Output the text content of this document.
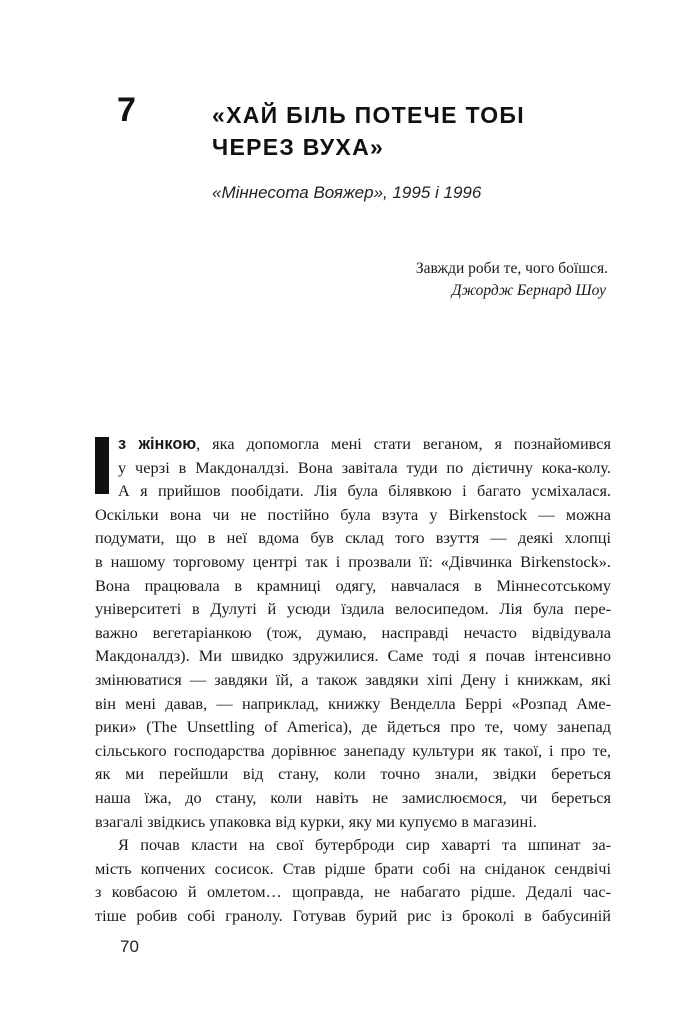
7	«ХАЙ БІЛЬ ПОТЕЧЕ ТОБІ
ЧЕРЕЗ ВУХА»
«Міннесота Вояжер», 1995 і 1996
Завжди роби те, чого боїшся.
Джордж Бернард Шоу
з жінкою, яка допомогла мені стати веганом, я познайомився
у черзі в Макдоналдзі. Вона завітала туди по дієтичну кока-колу.
А я прийшов пообідати. Лія була білявкою і багато усміхалася.
Оскільки вона чи не постійно була взута у Birkenstock — можна
подумати, що в неї вдома був склад того взуття — деякі хлопці
в нашому торговому центрі так і прозвали її: «Дівчинка Birkenstock».
Вона працювала в крамниці одягу, навчалася в Міннесотському
університеті в Дулуті й усюди їздила велосипедом. Лія була пере-
важно вегетаріанкою (тож, думаю, насправді нечасто відвідувала
Макдоналдз). Ми швидко здружилися. Саме тоді я почав інтенсивно
змінюватися — завдяки їй, а також завдяки хіпі Дену і книжкам, які
він мені давав, — наприклад, книжку Венделла Беррі «Розпад Аме-
рики» (The Unsettling of America), де йдеться про те, чому занепад
сільського господарства дорівнює занепаду культури як такої, і про те,
як ми перейшли від стану, коли точно знали, звідки береться
наша їжа, до стану, коли навіть не замислюємося, чи береться
взагалі звідкись упаковка від курки, яку ми купуємо в магазині.
Я почав класти на свої бутерброди сир хаварті та шпинат за-
мість копчених сосисок. Став рідше брати собі на сніданок сендвічі
з ковбасою й омлетом… щоправда, не набагато рідше. Дедалі час-
тіше робив собі гранолу. Готував бурий рис із броколі в бабусиній
70
